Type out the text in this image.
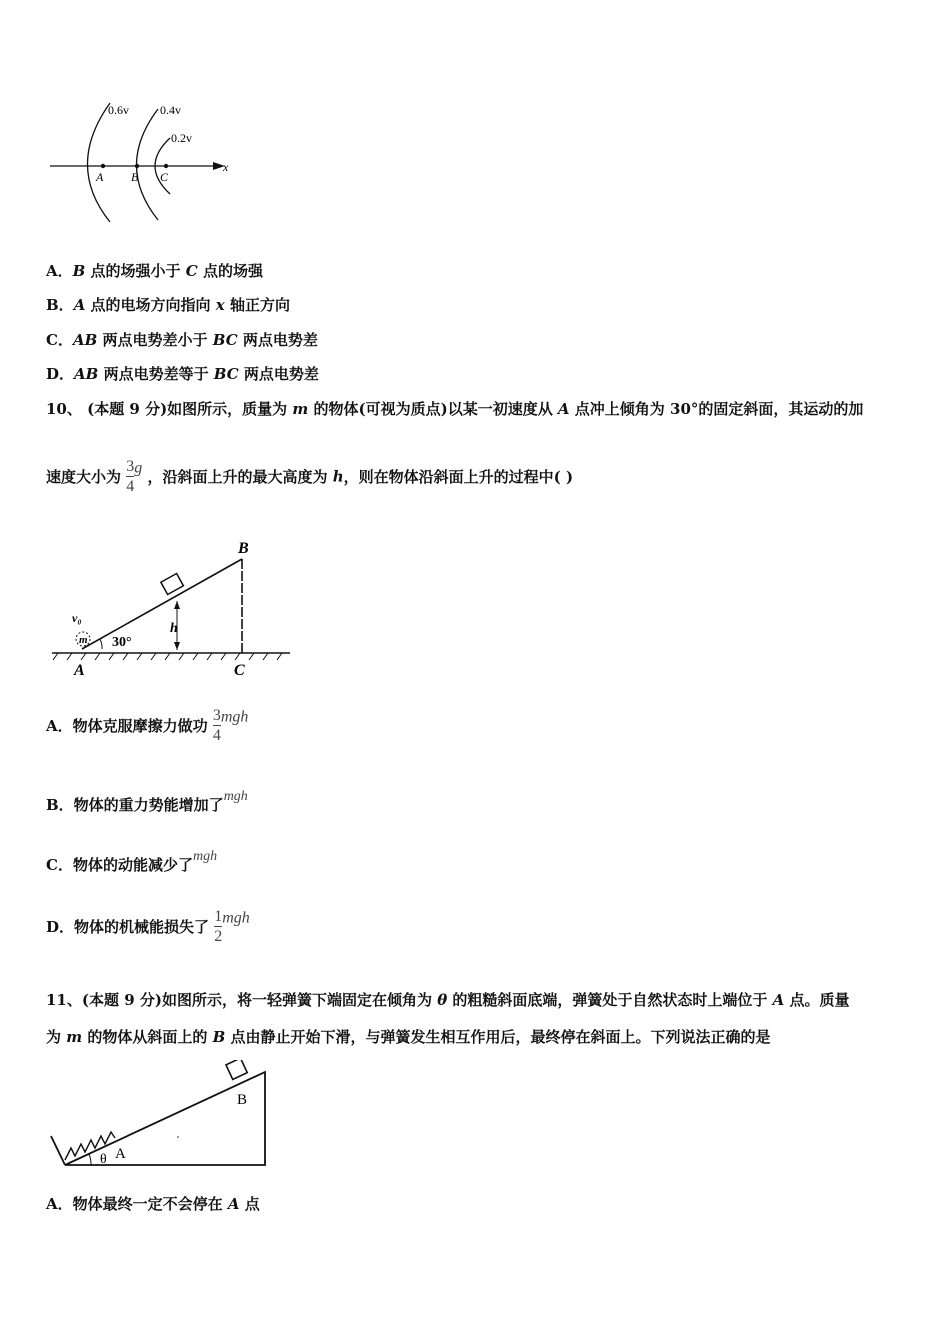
0.6v	0.4v
0.2v
A B C
x
A．B 点的场强小于 C 点的场强
B．A 点的电场方向指向 x 轴正方向
C．AB 两点电势差小于 BC 两点电势差
D．AB 两点电势差等于 BC 两点电势差
10、 (本题 9 分)如图所示，质量为 m 的物体(可视为质点)以某一初速度从 A 点冲上倾角为 30°的固定斜面，其运动的加
速度大小为 $\frac{3}{4}$ g ，沿斜面上升的最大高度为 h，则在物体沿斜面上升的过程中( )
B
A	C
h
30°
v₀
m
A．物体克服摩擦力做功 $\frac{3}{4}$ mgh
B．物体的重力势能增加了mgh
C．物体的动能减少了mgh
D．物体的机械能损失了 $\frac{1}{2}$ mgh
11、(本题 9 分)如图所示，将一轻弹簧下端固定在倾角为 θ 的粗糙斜面底端，弹簧处于自然状态时上端位于 A 点。质量
为 m 的物体从斜面上的 B 点由静止开始下滑，与弹簧发生相互作用后，最终停在斜面上。下列说法正确的是
B
θ A
A．物体最终一定不会停在 A 点
